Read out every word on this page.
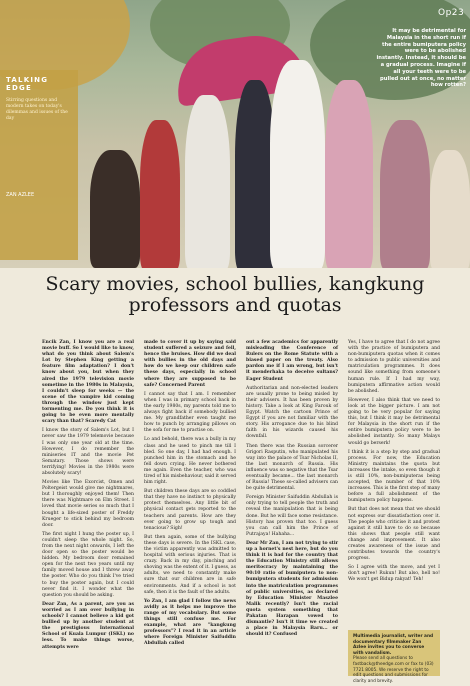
Op23
TALKING EDGE
Stirring questions and modern takes on today's dilemmas and issues of the day
ZAN AZLEE
It may be detrimental for Malaysia in the short run if the entire bumiputera policy were to be abolished instantly. Instead, it should be a gradual process. Imagine if all your teeth were to be pulled out at once, no matter how rotten?
Scary movies, school bullies, kangkung professors and quotas

Encik Zan, I know you are a real movie buff. So I would like to know, what do you think about Salem's Lot by Stephen King getting a feature film adaptation? I don't know about you, but when they aired the 1979 television movie sometime in the 1980s in Malaysia, I couldn't sleep for weeks — the scene of the vampire kid coming through the window just kept tormenting me. Do you think it is going to be even more mentally scary than that? Scaredy Cat

I know the story of Salem's Lot, but I never saw the 1979 telemovie because I was only one year old at the time. However, I do remember the miniseries IT and the movie Pet Sematary. Those shows were terrifying! Movies in the 1980s were absolutely scary!

Movies like The Exorcist, Omen and Poltergeist would give me nightmares, but I thoroughly enjoyed them! Then there was Nightmare on Elm Street. I loved that movie series so much that I bought a life-sized poster of Freddy Krueger to stick behind my bedroom door.

The first night I hung the poster up, I couldn't sleep the whole night. So, from the next night onwards, I left the door open so the poster would be hidden. My bedroom door remained open for the next two years until my family moved house and I threw away the poster. Who do you think I've tried to buy the poster again, but I could never find it. I wonder what the question you should be asking.

Dear Zan, As a parent, are you as worried as I am over bullying in schools? I cannot believe a kid got bullied up by another student at the prestigious International School of Kuala Lumpur (ISKL) no less. To make things worse, attempts were

made to cover it up by saying said student suffered a seizure and fell, hence the bruises. How did we deal with bullies in the old days and how do we keep our children safe these days, especially in school where they are supposed to be safe? Concerned Parent

I cannot say that I am. I remember when I was in primary school back in the early 1980s, my parents told me to always fight back if somebody bullied me. My grandfather even taught me how to punch by arranging pillows on the sofa for me to practise on.

Lo and behold, there was a bully in my class and he used to pinch me till I bled. So one day, I had had enough. I punched him in the stomach and he fell down crying. He never bothered me again. Even the teacher, who was tired of his misbehaviour, said it served him right.

But children these days are so coddled that they have no instinct to physically protect themselves. Any little bit of physical contact gets reported to the teachers and parents. How are they ever going to grow up tough and tenacious? Sigh!

But then again, some of the bullying these days is severe. In the ISKL case, the victim apparently was admitted to hospital with serious injuries. That is crazy. Back in my day, pinching and shoving was the extent of it. I guess, as adults, we need to constantly make sure that our children are in safe environments. And if a school is not safe, then it is the fault of the adults.

Yo Zan, I am glad I follow the news avidly as it helps me improve the range of my vocabulary. But some things still confuse me. For example, what are "kangkung professors"? I read it in an article where Foreign Minister Saifuddin Abdullah called

out a few academics for apparently misleading the Conference of Rulers on the Rome Statute with a biased paper on the treaty. Also pardon me if I am wrong, but isn't it menderhaka to deceive sultans? Eager Student

Authoritarian and non-elected leaders are usually prone to being misled by their advisers. It has been proven by history. Take a look at King Farouk of Egypt. Watch the cartoon Prince of Egypt if you are not familiar with the story. His arrogance due to his blind faith in his wizards caused his downfall.

Then there was the Russian sorcerer Grigori Rasputin, who manipulated his way into the palace of Tsar Nicholas II, the last monarch of Russia. His influence was so negative that the Tsar eventually became... the last monarch of Russia! These so-called advisers can be quite detrimental.

Foreign Minister Saifuddin Abdullah is only trying to tell people the truth and reveal the manipulation that is being done. But he will face some resistance. History has proven that too. I guess you can call him the Prince of Putrajaya! Hahaha...

Dear Mr Zan, I am not trying to stir up a hornet's nest here, but do you think it is bad for the country that the Education Ministry still allows meritocracy by maintaining the 90:10 ratio of bumiputera to non-bumiputera students for admission into the matriculation programmes of public universities, as declared by Education Minister Maszlee Malik recently? Isn't the racial quota system something that Pakatan Harapan vowed to dismantle? Isn't it time we created a place in Malaysia Baru... or should it? Confused

Yes, I have to agree that I do not agree with the practice of bumiputera and non-bumiputera quotas when it comes to admission to public universities and matriculation programmes. It does sound like something from someone's human rule. If I had my way, bumiputera affirmative action would be abolished.

However, I also think that we need to look at the bigger picture. I am not going to be very popular for saying this, but I think it may be detrimental for Malaysia in the short run if the entire bumiputera policy were to be abolished instantly. So many Malays would go berserk!

I think it is a step by step and gradual process. For now, the Education Ministry maintains the quota but increases the intake, so even though it is still 10%, non-bumiputeras being accepted, the number of that 10% increases. This is the first step of many before a full abolishment of the bumiputera policy happens.

But that does not mean that we should not express our dissatisfaction over it. The people who criticise it and protest against it still have to do so because this shows that people still want change and improvement. It also creates awareness of the issue and contributes towards the country's progress.

So I agree with the move, and yet I don't agree! Rukun! But also, hell no! We won't get Bidup rakyat! Teh!

Multimedia journalist, writer and documentary filmmaker Zan Azlee invites you to converse with vandalism.
Please send all questions to fastback@theedge.com or fax to (03) 7721 8005. We reserve the right to edit questions and submissions for clarity and brevity.
